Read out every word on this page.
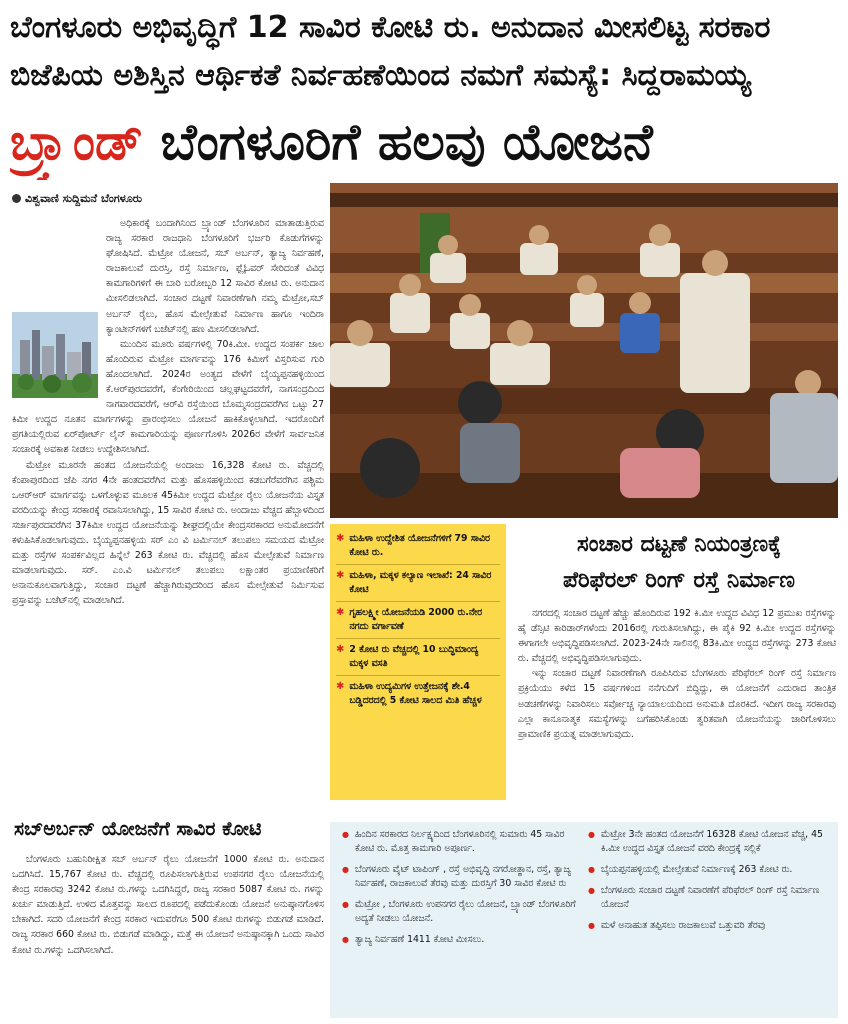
ಬೆಂಗಳೂರು ಅಭಿವೃದ್ಧಿಗೆ 12 ಸಾವಿರ ಕೋಟಿ ರು. ಅನುದಾನ ಮೀಸಲಿಟ್ಟ ಸರಕಾರ
ಬಿಜೆಪಿಯ ಅಶಿಸ್ತಿನ ಆರ್ಥಿಕತೆ ನಿರ್ವಹಣೆಯಿಂದ ನಮಗೆ ಸಮಸ್ಯೆ: ಸಿದ್ದರಾಮಯ್ಯ
ಬ್ರ್ಯಾಂಡ್ ಬೆಂಗಳೂರಿಗೆ ಹಲವು ಯೋಜನೆ
ವಿಶ್ವವಾಣಿ ಸುದ್ದಿಮನೆ ಬೆಂಗಳೂರು

ಅಧಿಕಾರಕ್ಕೆ ಬಂದಾಗಿನಿಂದ ಬ್ರ್ಯಾಂಡ್ ಬೆಂಗಳೂರಿನ ಮಾತಾಡುತ್ತಿರುವ ರಾಜ್ಯ ಸರಕಾರ ರಾಜಧಾನಿ ಬೆಂಗಳೂರಿಗೆ ಭರ್ಜರಿ ಕೊಡುಗೆಗಳನ್ನು ಘೋಷಿಸಿದೆ. ಮೆಟ್ರೋ ಯೋಜನೆ, ಸಬ್ ಅರ್ಬನ್, ತ್ಯಾಜ್ಯ ನಿರ್ವಹಣೆ, ರಾಜಕಾಲುವೆ ದುರಸ್ತಿ, ರಸ್ತೆ ನಿರ್ಮಾಣ, ಫ್ಲೈಓವರ್ ಸೇರಿದಂತೆ ವಿವಿಧ ಕಾಮಗಾರಿಗಳಿಗೆ ಈ ಬಾರಿ ಬರೋಬ್ಬರಿ 12 ಸಾವಿರ ಕೋಟಿ ರು. ಅನುದಾನ ಮೀಸಲಿಡಲಾಗಿದೆ. ಸಂಚಾರ ದಟ್ಟಣೆ ನಿವಾರಣೆಗಾಗಿ ನಮ್ಮ ಮೆಟ್ರೋ,ಸಬ್ ಅರ್ಬನ್ ರೈಲು, ಹೊಸ ಮೇಲ್ಸೇತುವೆ ನಿರ್ಮಾಣ ಹಾಗೂ ಇಂದಿರಾ ಕ್ಯಾಂಟೀನ್‌ಗಳಿಗೆ ಬಜೆಟ್‌ನಲ್ಲಿ ಹಣ ಮೀಸಲಿಡಲಾಗಿದೆ.

ಮುಂದಿನ ಮೂರು ವರ್ಷಗಳಲ್ಲಿ 70ಕಿ.ಮೀ. ಉದ್ದದ ಸಂಪರ್ಕ ಜಾಲ ಹೊಂದಿರುವ ಮೆಟ್ರೋ ಮಾರ್ಗವನ್ನು 176 ಕಿಮೀಗೆ ವಿಸ್ತರಿಸುವ ಗುರಿ ಹೊಂದಲಾಗಿದೆ. 2024ರ ಅಂತ್ಯದ ವೇಳೆಗೆ ಬೈಯ್ಯಪ್ಪನಹಳ್ಳಿಯಿಂದ ಕೆ.ಆರ್‌ಪುರದವರೆಗೆ, ಕೆಂಗೇರಿಯಿಂದ ಚಲ್ಲಘಟ್ಟದವರೆಗೆ, ನಾಗಸಂದ್ರದಿಂದ ನಾಗವಾರದವರೆಗೆ, ಆರ್‌ವಿ ರಸ್ತೆಯಿಂದ ಬೊಮ್ಮಸಂದ್ರದವರೆಗಿನ ಒಟ್ಟು 27 ಕಿಮೀ ಉದ್ದದ ನೂತನ ಮಾರ್ಗಗಳನ್ನು ಪ್ರಾರಂಭಿಸಲು ಯೋಜನೆ ಹಾಕಿಕೊಳ್ಳಲಾಗಿದೆ. ಇದರೊಂದಿಗೆ ಪ್ರಗತಿಯಲ್ಲಿರುವ ಏರ್‌ಪೋರ್ಟ್ ಲೈನ್ ಕಾಮಗಾರಿಯನ್ನು ಪೂರ್ಣಗೊಳಿಸಿ 2026ರ ವೇಳೆಗೆ ಸಾರ್ವಜನಿಕ ಸಂಚಾರಕ್ಕೆ ಅವಕಾಶ ನೀಡಲು ಉದ್ದೇಶಿಸಲಾಗಿದೆ.

ಮೆಟ್ರೋ ಮೂರನೇ ಹಂತದ ಯೋಜನೆಯಲ್ಲಿ ಅಂದಾಜು 16,328 ಕೋಟಿ ರು. ವೆಚ್ಚದಲ್ಲಿ ಕೆಂಪಾಪುರದಿಂದ ಜೆಪಿ ನಗರ 4ನೇ ಹಂತದವರೆಗಿನ ಮತ್ತು ಹೊಸಹಳ್ಳಿಯಿಂದ ಕಡಬಗೆರೆವರೆಗಿನ ಪಶ್ಚಿಮ ಒಆರ್‌ಆರ್ ಮಾರ್ಗವನ್ನು ಒಳಗೊಳ್ಳುವ ಮೂಲಕ 45ಕಿಮೀ ಉದ್ದದ ಮೆಟ್ರೋ ರೈಲು ಯೋಜನೆಯ ವಿಸ್ತೃತ ವರದಿಯನ್ನು ಕೇಂದ್ರ ಸರಕಾರಕ್ಕೆ ರವಾನಿಸಲಾಗಿದ್ದು, 15 ಸಾವಿರ ಕೋಟಿ ರು. ಅಂದಾಜು ವೆಚ್ಚದ ಹೆಬ್ಬಾಳದಿಂದ ಸರ್ಜಾಪುರದವರೆಗಿನ 37ಕಿಮೀ ಉದ್ದದ ಯೋಜನೆಯನ್ನು ಶೀಘ್ರದಲ್ಲಿಯೇ ಕೇಂದ್ರಸರಕಾರದ ಅನುಮೋದನೆಗೆ ಕಳುಹಿಸಿಕೊಡಲಾಗುವುದು. ಬೈಯ್ಯಪ್ಪನಹಳ್ಳಿಯ ಸರ್ ಎಂ ವಿ ಟರ್ಮಿನಲ್ ತಲುಪಲು ಸಮಯದ ಮೆಟ್ರೋ ಮತ್ತು ರಸ್ತೆಗಳ ಸಂಪರ್ಕವಿಲ್ಲದ ಹಿನ್ನೆಲೆ 263 ಕೋಟಿ ರು. ವೆಚ್ಚದಲ್ಲಿ ಹೊಸ ಮೇಲ್ಸೇತುವೆ ನಿರ್ಮಾಣ ಮಾಡಲಾಗುವುದು. ಸರ್. ಎಂ.ವಿ ಟರ್ಮಿನಲ್ ತಲುಪಲು ಲಕ್ಷಾಂತರ ಪ್ರಯಾಣಿಕರಿಗೆ ಅನಾನುಕೂಲವಾಗುತ್ತಿದ್ದು, ಸಂಚಾರ ದಟ್ಟಣೆ ಹೆಚ್ಚಾಗಿರುವುದರಿಂದ ಹೊಸ ಮೇಲ್ಸೇತುವೆ ನಿರ್ಮಿಸುವ ಪ್ರಸ್ತಾವನ್ನು ಬಜೆಟ್‌ನಲ್ಲಿ ಮಾಡಲಾಗಿದೆ.

✱ ಮಹಿಳಾ ಉದ್ದೇಶಿತ ಯೋಜನೆಗಳಿಗೆ 79 ಸಾವಿರ ಕೋಟಿ ರು.
✱ ಮಹಿಳಾ, ಮಕ್ಕಳ ಕಲ್ಯಾಣ ಇಲಾಖೆ: 24 ಸಾವಿರ ಕೋಟಿ
✱ ಗೃಹಲಕ್ಷ್ಮೀ ಯೋಜನೆಯಡಿ 2000 ರು.ನೇರ ನಗದು ವರ್ಗಾವಣೆ
✱ 2 ಕೋಟಿ ರು ವೆಚ್ಚದಲ್ಲಿ 10 ಬುದ್ಧಿಮಾಂದ್ಯ ಮಕ್ಕಳ ವಸತಿ
✱ ಮಹಿಳಾ ಉದ್ಯಮಿಗಳ ಉತ್ತೇಜನಕ್ಕೆ ಶೇ.4 ಬಡ್ಡಿದರದಲ್ಲಿ 5 ಕೋಟಿ ಸಾಲದ ಮಿತಿ ಹೆಚ್ಚಳ
ಸಂಚಾರ ದಟ್ಟಣೆ ನಿಯಂತ್ರಣಕ್ಕೆ
ಪೆರಿಫೆರಲ್ ರಿಂಗ್ ರಸ್ತೆ ನಿರ್ಮಾಣ

ನಗರದಲ್ಲಿ ಸಂಚಾರ ದಟ್ಟಣೆ ಹೆಚ್ಚು ಹೊಂದಿರುವ 192 ಕಿ.ಮೀ ಉದ್ದದ ವಿವಿಧ 12 ಪ್ರಮುಖ ರಸ್ತೆಗಳನ್ನು ಹೈ ಡೆನ್ಸಿಟಿ ಕಾರಿಡಾರ್‌ಗಳೆಂದು 2016ರಲ್ಲಿ ಗುರುತಿಸಲಾಗಿದ್ದು, ಈ ಪೈಕಿ 92 ಕಿ.ಮೀ ಉದ್ದದ ರಸ್ತೆಗಳನ್ನು ಈಗಾಗಲೇ ಅಭಿವೃದ್ಧಿಪಡಿಸಲಾಗಿದೆ. 2023-24ನೇ ಸಾಲಿನಲ್ಲಿ 83ಕಿ.ಮೀ ಉದ್ದದ ರಸ್ತೆಗಳನ್ನು 273 ಕೋಟಿ ರು. ವೆಚ್ಚದಲ್ಲಿ ಅಭಿವೃದ್ಧಿಪಡಿಸಲಾಗುವುದು.

ಇನ್ನು ಸಂಚಾರ ದಟ್ಟಣೆ ನಿವಾರಣೆಗಾಗಿ ರೂಪಿಸಿರುವ ಬೆಂಗಳೂರು ಪೆರಿಫೆರಲ್ ರಿಂಗ್ ರಸ್ತೆ ನಿರ್ಮಾಣ ಪ್ರಕ್ರಿಯೆಯು ಕಳೆದ 15 ವರ್ಷಗಳಿಂದ ನನೆಗುದಿಗೆ ಬಿದ್ದಿದ್ದು, ಈ ಯೋಜನೆಗೆ ಎದುರಾದ ತಾಂತ್ರಿಕ ಅಡಚಣೆಗಳನ್ನು ನಿವಾರಿಸಲು ಸರ್ವೋಚ್ಚ ನ್ಯಾಯಾಲಯದಿಂದ ಅನುಮತಿ ದೊರಕಿದೆ. ಇದೀಗ ರಾಜ್ಯ ಸರಕಾರವು ಎಲ್ಲಾ ಕಾನೂನಾತ್ಮಕ ಸಮಸ್ಯೆಗಳನ್ನು ಬಗೆಹರಿಸಿಕೊಂಡು ತ್ವರಿತವಾಗಿ ಯೋಜನೆಯನ್ನು ಜಾರಿಗೊಳಿಸಲು ಪ್ರಾಮಾಣಿಕ ಪ್ರಯತ್ನ ಮಾಡಲಾಗುವುದು.

ಸಬ್‌ಅರ್ಬನ್ ಯೋಜನೆಗೆ ಸಾವಿರ ಕೋಟಿ

ಬೆಂಗಳೂರು ಬಹುನಿರೀಕ್ಷಿತ ಸಬ್ ಅರ್ಬನ್ ರೈಲು ಯೋಜನೆಗೆ 1000 ಕೋಟಿ ರು. ಅನುದಾನ ಒದಗಿಸಿದೆ. 15,767 ಕೋಟಿ ರು. ವೆಚ್ಚದಲ್ಲಿ ರೂಪಿಸಲಾಗುತ್ತಿರುವ ಉಪನಗರ ರೈಲು ಯೋಜನೆಯಲ್ಲಿ ಕೇಂದ್ರ ಸರಕಾರವು 3242 ಕೋಟಿ ರು.ಗಳನ್ನು ಒದಗಿಸಿದ್ದರೆ, ರಾಜ್ಯ ಸರಕಾರ 5087 ಕೋಟಿ ರು. ಗಳನ್ನು ಖರ್ಚು ಮಾಡುತ್ತಿದೆ. ಉಳಿದ ಮೊತ್ತವನ್ನು ಸಾಲದ ರೂಪದಲ್ಲಿ ಪಡೆದುಕೊಂಡು ಯೋಜನೆ ಅನುಷ್ಠಾನಗೊಳಿಸ ಬೇಕಾಗಿದೆ. ಸದರಿ ಯೋಜನೆಗೆ ಕೇಂದ್ರ ಸರಕಾರ ಇದುವರೆಗೂ 500 ಕೋಟಿ ರುಗಳನ್ನು ಬಿಡುಗಡೆ ಮಾಡಿದೆ. ರಾಜ್ಯ ಸರಕಾರ 660 ಕೋಟಿ ರು. ಬಿಡುಗಡೆ ಮಾಡಿದ್ದು, ಮತ್ತೆ ಈ ಯೋಜನೆ ಅನುಷ್ಠಾನಕ್ಕಾಗಿ ಒಂದು ಸಾವಿರ ಕೋಟಿ ರು.ಗಳನ್ನು ಒದಗಿಸಲಾಗಿದೆ.

● ಹಿಂದಿನ ಸರಕಾರದ ನಿರ್ಲಕ್ಷ್ಯದಿಂದ ಬೆಂಗಳೂರಿನಲ್ಲಿ ಸುಮಾರು 45 ಸಾವಿರ ಕೋಟಿ ರು. ಮೊತ್ತ ಕಾಮಗಾರಿ ಅಪೂರ್ಣ.
● ಬೆಂಗಳೂರು ವೈಟ್ ಟಾಪಿಂಗ್ , ರಸ್ತೆ ಅಭಿವೃದ್ಧಿ ನಗರೋತ್ಥಾನ, ರಸ್ತೆ, ತ್ಯಾಜ್ಯ ನಿರ್ವಹಣೆ, ರಾಜಕಾಲುವೆ ತೆರವು ಮತ್ತು ದುರಸ್ತಿಗೆ 30 ಸಾವಿರ ಕೋಟಿ ರು
● ಮೆಟ್ರೋ , ಬೆಂಗಳೂರು ಉಪನಗರ ರೈಲು ಯೋಜನೆ, ಬ್ರ್ಯಾಂಡ್ ಬೆಂಗಳೂರಿಗೆ ಅದ್ಯತೆ ನೀಡಲು ಯೋಜನೆ.
● ತ್ಯಾಜ್ಯ ನಿರ್ವಹಣೆ 1411 ಕೋಟಿ ಮೀಸಲು.
● ಮೆಟ್ರೋ 3ನೇ ಹಂತದ ಯೋಜನೆಗೆ 16328 ಕೋಟಿ ಯೋಜನ ವೆಚ್ಚ, 45 ಕಿ.ಮೀ ಉದ್ದದ ವಿಸ್ತೃತ ಯೋಜನೆ ವರದಿ ಕೇಂದ್ರಕ್ಕೆ ಸಲ್ಲಿಕೆ
● ಬೈಯಪ್ಪನಹಳ್ಳಿಯಲ್ಲಿ ಮೇಲ್ಸೇತುವೆ ನಿರ್ಮಾಣಕ್ಕೆ 263 ಕೋಟಿ ರು.
● ಬೆಂಗಳೂರು ಸಂಚಾರ ದಟ್ಟಣೆ ನಿವಾರಣೆಗೆ ಪೆರಿಫೆರಲ್ ರಿಂಗ್ ರಸ್ತೆ ನಿರ್ಮಾಣ ಯೋಜನೆ
● ಮಳೆ ಅನಾಹುತ ತಪ್ಪಿಸಲು ರಾಜಕಾಲುವೆ ಒತ್ತುವರಿ ತೆರವು
